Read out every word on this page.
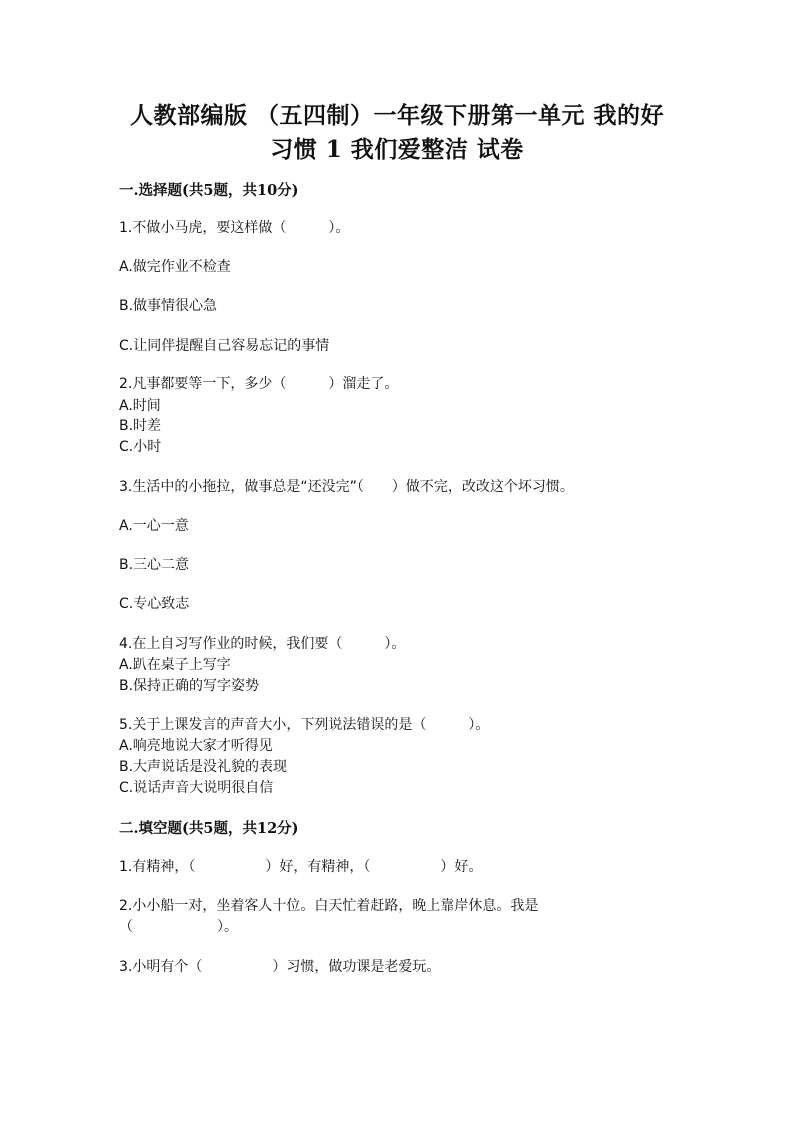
人教部编版 （五四制）一年级下册第一单元 我的好
习惯 1 我们爱整洁 试卷
一.选择题(共5题，共10分)
1.不做小马虎，要这样做（　　　）。
A.做完作业不检查
B.做事情很心急
C.让同伴提醒自己容易忘记的事情
2.凡事都要等一下，多少（　　　）溜走了。
A.时间
B.时差
C.小时
3.生活中的小拖拉，做事总是“还没完”（　　）做不完，改改这个坏习惯。
A.一心一意
B.三心二意
C.专心致志
4.在上自习写作业的时候，我们要（　　　）。
A.趴在桌子上写字
B.保持正确的写字姿势
5.关于上课发言的声音大小，下列说法错误的是（　　　）。
A.响亮地说大家才听得见
B.大声说话是没礼貌的表现
C.说话声音大说明很自信
二.填空题(共5题，共12分)
1.有精神，（　　　　　）好，有精神，（　　　　　）好。
2.小小船一对，坐着客人十位。白天忙着赶路，晚上靠岸休息。我是
（　　　　　　）。
3.小明有个（　　　　　）习惯，做功课是老爱玩。
